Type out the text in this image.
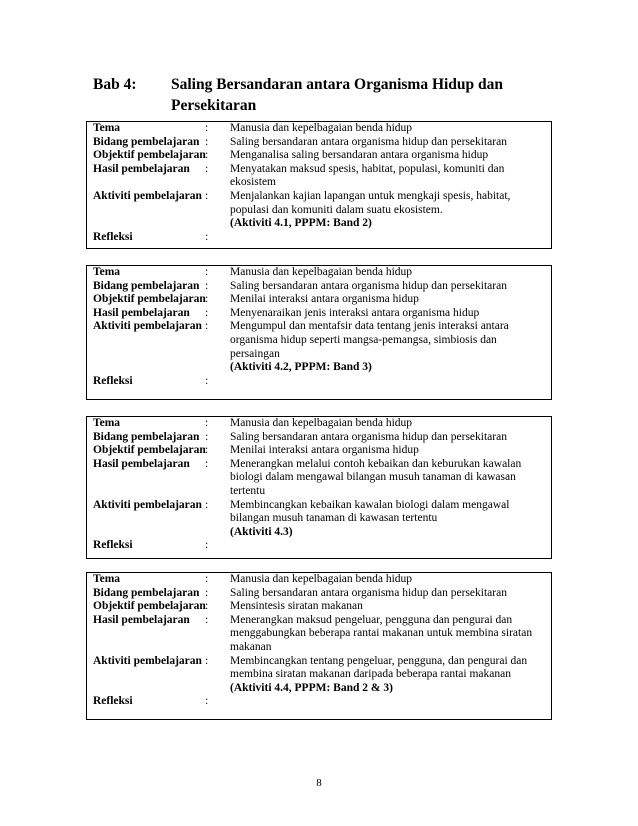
Bab 4: Saling Bersandaran antara Organisma Hidup dan Persekitaran
Tema	: Manusia dan kepelbagaian benda hidup
Bidang pembelajaran : Saling bersandaran antara organisma hidup dan persekitaran
Objektif pembelajaran : Menganalisa saling bersandaran antara organisma hidup
Hasil pembelajaran : Menyatakan maksud spesis, habitat, populasi, komuniti dan ekosistem
Aktiviti pembelajaran : Menjalankan kajian lapangan untuk mengkaji spesis, habitat, populasi dan komuniti dalam suatu ekosistem.
(Aktiviti 4.1, PPPM: Band 2)
Refleksi	:

Tema	: Manusia dan kepelbagaian benda hidup
Bidang pembelajaran : Saling bersandaran antara organisma hidup dan persekitaran
Objektif pembelajaran : Menilai interaksi antara organisma hidup
Hasil pembelajaran : Menyenaraikan jenis interaksi antara organisma hidup
Aktiviti pembelajaran : Mengumpul dan mentafsir data tentang jenis interaksi antara organisma hidup seperti mangsa-pemangsa, simbiosis dan persaingan
(Aktiviti 4.2, PPPM: Band 3)
Refleksi	:

Tema	: Manusia dan kepelbagaian benda hidup
Bidang pembelajaran : Saling bersandaran antara organisma hidup dan persekitaran
Objektif pembelajaran : Menilai interaksi antara organisma hidup
Hasil pembelajaran : Menerangkan melalui contoh kebaikan dan keburukan kawalan biologi dalam mengawal bilangan musuh tanaman di kawasan tertentu
Aktiviti pembelajaran : Membincangkan kebaikan kawalan biologi dalam mengawal bilangan musuh tanaman di kawasan tertentu
(Aktiviti 4.3)
Refleksi	:

Tema	: Manusia dan kepelbagaian benda hidup
Bidang pembelajaran : Saling bersandaran antara organisma hidup dan persekitaran
Objektif pembelajaran : Mensintesis siratan makanan
Hasil pembelajaran : Menerangkan maksud pengeluar, pengguna dan pengurai dan menggabungkan beberapa rantai makanan untuk membina siratan makanan
Aktiviti pembelajaran : Membincangkan tentang pengeluar, pengguna, dan pengurai dan membina siratan makanan daripada beberapa rantai makanan
(Aktiviti 4.4, PPPM: Band 2 & 3)
Refleksi	:

8
